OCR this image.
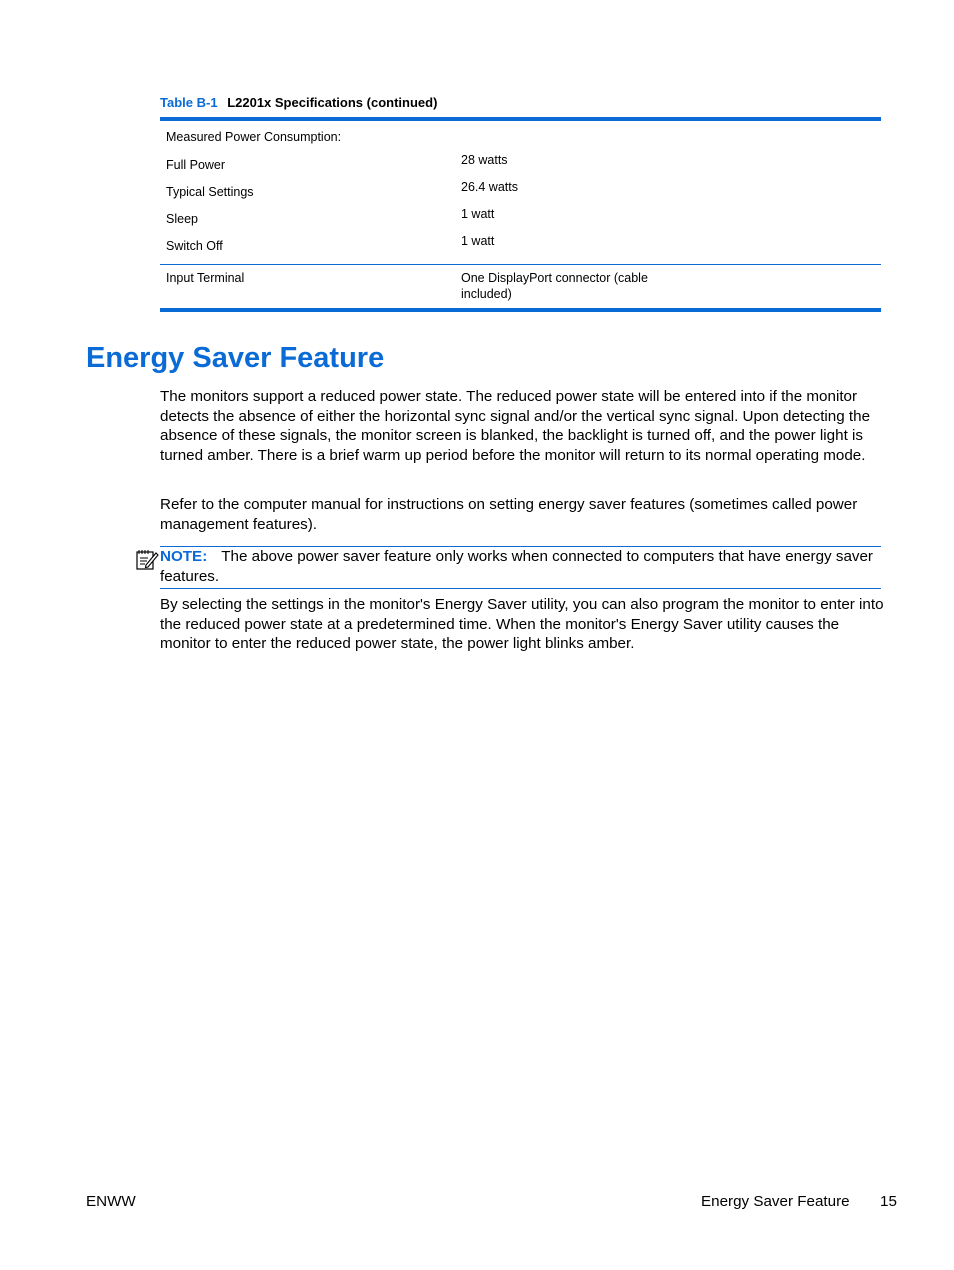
Table B-1 L2201x Specifications (continued)
Measured Power Consumption:
Full Power	28 watts
Typical Settings	26.4 watts
Sleep	1 watt
Switch Off	1 watt
Input Terminal	One DisplayPort connector (cable
included)
Energy Saver Feature

The monitors support a reduced power state. The reduced power state will be entered into if the monitor detects the absence of either the horizontal sync signal and/or the vertical sync signal. Upon detecting the absence of these signals, the monitor screen is blanked, the backlight is turned off, and the power light is turned amber. There is a brief warm up period before the monitor will return to its normal operating mode.

Refer to the computer manual for instructions on setting energy saver features (sometimes called power management features).

NOTE: The above power saver feature only works when connected to computers that have energy saver features.

By selecting the settings in the monitor's Energy Saver utility, you can also program the monitor to enter into the reduced power state at a predetermined time. When the monitor's Energy Saver utility causes the monitor to enter the reduced power state, the power light blinks amber.

ENWW	Energy Saver Feature 15
